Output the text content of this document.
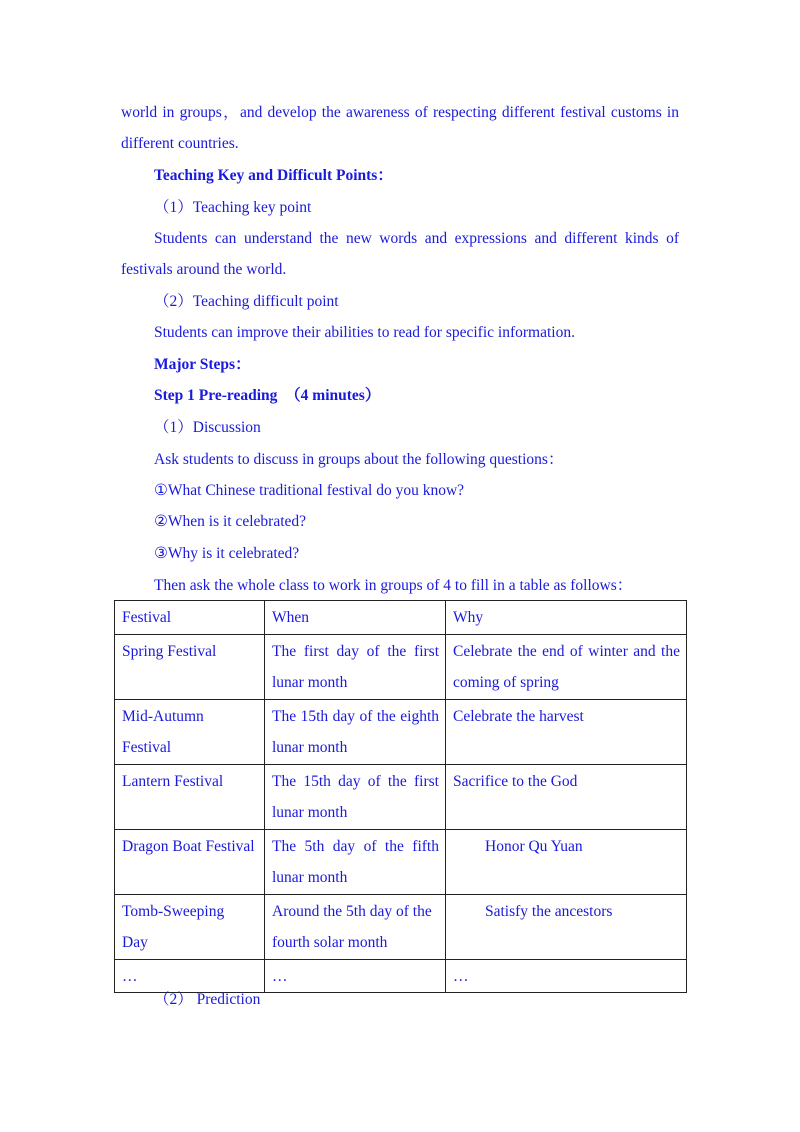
world in groups，and develop the awareness of respecting different festival customs in
different countries.
Teaching Key and Difficult Points：
（1）Teaching key point
Students can understand the new words and expressions and different kinds of
festivals around the world.
（2）Teaching difficult point
Students can improve their abilities to read for specific information.
Major Steps：
Step 1 Pre-reading　（4 minutes）
（1）Discussion
Ask students to discuss in groups about the following questions：
①What Chinese traditional festival do you know?
②When is it celebrated?
③Why is it celebrated?
Then ask the whole class to work in groups of 4 to fill in a table as follows：
Festival	When	Why

Spring Festival	The first day of the first lunar month	Celebrate the end of winter and the coming of spring

Mid-Autumn Festival	The 15th day of the eighth lunar month	Celebrate the harvest

Lantern Festival	The 15th day of the first lunar month	Sacrifice to the God

Dragon Boat Festival	The 5th day of the fifth lunar month	Honor Qu Yuan

Tomb-Sweeping Day	Around the 5th day of the fourth solar month	Satisfy the ancestors

…	…	…
（2） Prediction
